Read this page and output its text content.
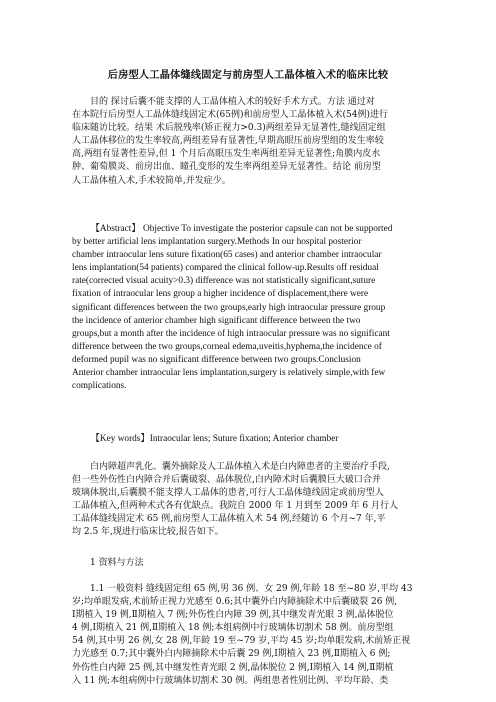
后房型人工晶体缝线固定与前房型人工晶体植入术的临床比较
目的 探讨后囊不能支撑的人工晶体植入术的较好手术方式。方法 通过对
在本院行后房型人工晶体缝线固定术(65例)和前房型人工晶体植入术(54例)进行
临床随访比较。结果 术后脱残率(矫正视力>0.3)两组差异无显著性,缝线固定组
人工晶体移位的发生率较高,两组差异有显著性,早期高眼压前房型组的发生率较
高,两组有显著性差异,但 1 个月后高眼压发生率两组差异无显著性;角膜内皮水
肿、葡萄膜炎、前房出血、瞳孔变形的发生率两组差异无显著性。结论 前房型
人工晶体植入术,手术较简单,并发症少。
【Abstract】 Objective To investigate the posterior capsule can not be supported
by better artificial lens implantation surgery.Methods In our hospital posterior
chamber intraocular lens suture fixation(65 cases) and anterior chamber intraocular
lens implantation(54 patients) compared the clinical follow-up.Results off residual
rate(corrected visual acuity>0.3) difference was not statistically significant,suture
fixation of intraocular lens group a higher incidence of displacement,there were
significant differences between the two groups,early high intraocular pressure group
the incidence of anterior chamber high significant difference between the two
groups,but a month after the incidence of high intraocular pressure was no significant
difference between the two groups,corneal edema,uveitis,hyphema,the incidence of
deformed pupil was no significant difference between two groups.Conclusion
Anterior chamber intraocular lens implantation,surgery is relatively simple,with few
complications.
【Key words】Intraocular lens; Suture fixation; Anterior chamber
白内障超声乳化、囊外摘除及人工晶体植入术是白内障患者的主要治疗手段,
但一些外伤性白内障合并后囊破裂、晶体脱位,白内障术时后囊膜巨大破口合并
玻璃体脱出,后囊膜不能支撑人工晶体的患者,可行人工晶体缝线固定或前房型人
工晶体植入,但两种术式各有优缺点。我院自 2000 年 1 月到至 2009 年 6 月行人
工晶体缝线固定术 65 例,前房型人工晶体植入术 54 例,经随访 6 个月~7 年,平
均 2.5 年,现进行临床比较,报告如下。
1 资料与方法
1.1 一般资料 缝线固定组 65 例,男 36 例、女 29 例,年龄 18 至~80 岁,平均 43
岁;均单眼发病,术前矫正视力光感至 0.6;其中囊外白内障摘除术中后囊破裂 26 例,
Ⅰ期植入 19 例,Ⅱ期植入 7 例;外伤性白内障 39 例,其中继发青光眼 3 例,晶体脱位
4 例,Ⅰ期植入 21 例,Ⅱ期植入 18 例;本组病例中行玻璃体切割术 58 例。前房型组
54 例,其中男 26 例,女 28 例,年龄 19 至~79 岁,平均 45 岁;均单眼发病,术前矫正视
力光感至 0.7;其中囊外白内障摘除术中后囊 29 例,Ⅰ期植入 23 例,Ⅱ期植入 6 例;
外伤性白内障 25 例,其中继发性青光眼 2 例,晶体脱位 2 例,Ⅰ期植入 14 例,Ⅱ期植
入 11 例;本组病例中行玻璃体切割术 30 例。两组患者性别比例、平均年龄、类
